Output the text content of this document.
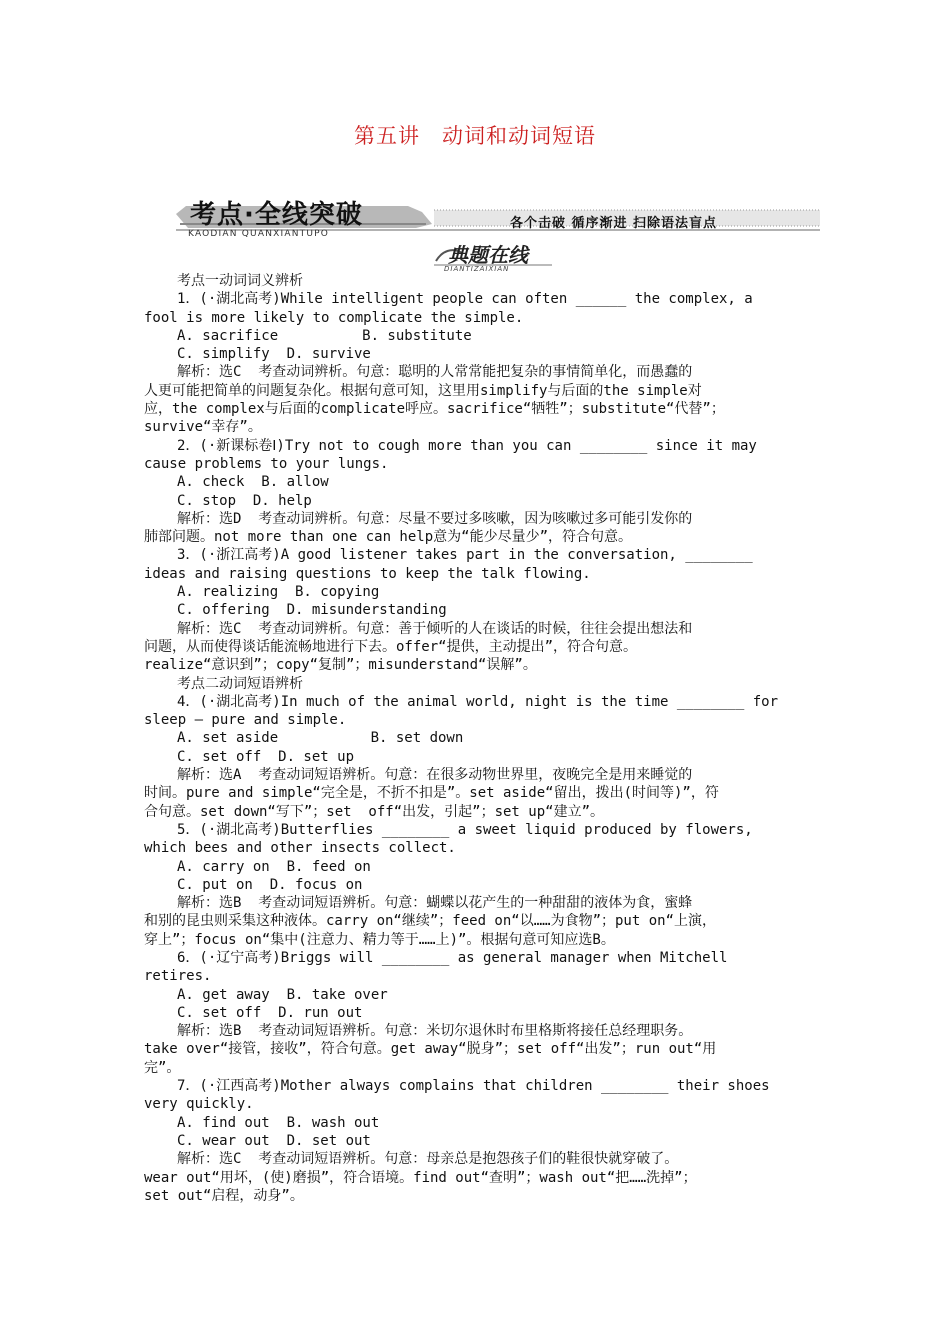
第五讲　动词和动词短语
考点·全线突破
KAODIAN QUANXIANTUPO
各个击破 循序渐进 扫除语法盲点
典题在线
DIANTIZAIXIAN
考点一动词词义辨析
1．(·湖北高考)While intelligent people can often ______ the complex, a
fool is more likely to complicate the simple.
A. sacrifice　　　　　　B. substitute
C. simplify  D. survive
解析：选C  考查动词辨析。句意：聪明的人常常能把复杂的事情简单化，而愚蠢的
人更可能把简单的问题复杂化。根据句意可知，这里用simplify与后面的the simple对
应，the complex与后面的complicate呼应。sacrifice“牺牲”；substitute“代替”；
survive“幸存”。
2．(·新课标卷Ⅰ)Try not to cough more than you can ________ since it may
cause problems to your lungs.
A. check  B. allow
C. stop  D. help
解析：选D  考查动词辨析。句意：尽量不要过多咳嗽，因为咳嗽过多可能引发你的
肺部问题。not more than one can help意为“能少尽量少”，符合句意。
3．(·浙江高考)A good listener takes part in the conversation, ________
ideas and raising questions to keep the talk flowing.
A. realizing  B. copying
C. offering  D. misunderstanding
解析：选C  考查动词辨析。句意：善于倾听的人在谈话的时候，往往会提出想法和
问题，从而使得谈话能流畅地进行下去。offer“提供，主动提出”，符合句意。
realize“意识到”；copy“复制”；misunderstand“误解”。
考点二动词短语辨析
4．(·湖北高考)In much of the animal world, night is the time ________ for
sleep — pure and simple.
A. set aside　　　　　　 B. set down
C. set off  D. set up
解析：选A  考查动词短语辨析。句意：在很多动物世界里，夜晚完全是用来睡觉的
时间。pure and simple“完全是，不折不扣是”。set aside“留出，拨出(时间等)”，符
合句意。set down“写下”；set  off“出发，引起”；set up“建立”。
5．(·湖北高考)Butterflies ________ a sweet liquid produced by flowers,
which bees and other insects collect.
A. carry on  B. feed on
C. put on  D. focus on
解析：选B  考查动词短语辨析。句意：蝴蝶以花产生的一种甜甜的液体为食，蜜蜂
和别的昆虫则采集这种液体。carry on“继续”；feed on“以……为食物”；put on“上演，
穿上”；focus on“集中(注意力、精力等于……上)”。根据句意可知应选B。
6．(·辽宁高考)Briggs will ________ as general manager when Mitchell
retires.
A. get away  B. take over
C. set off  D. run out
解析：选B  考查动词短语辨析。句意：米切尔退休时布里格斯将接任总经理职务。
take over“接管，接收”，符合句意。get away“脱身”；set off“出发”；run out“用
完”。
7．(·江西高考)Mother always complains that children ________ their shoes
very quickly.
A. find out  B. wash out
C. wear out  D. set out
解析：选C  考查动词短语辨析。句意：母亲总是抱怨孩子们的鞋很快就穿破了。
wear out“用坏，(使)磨损”，符合语境。find out“查明”；wash out“把……洗掉”；
set out“启程，动身”。
